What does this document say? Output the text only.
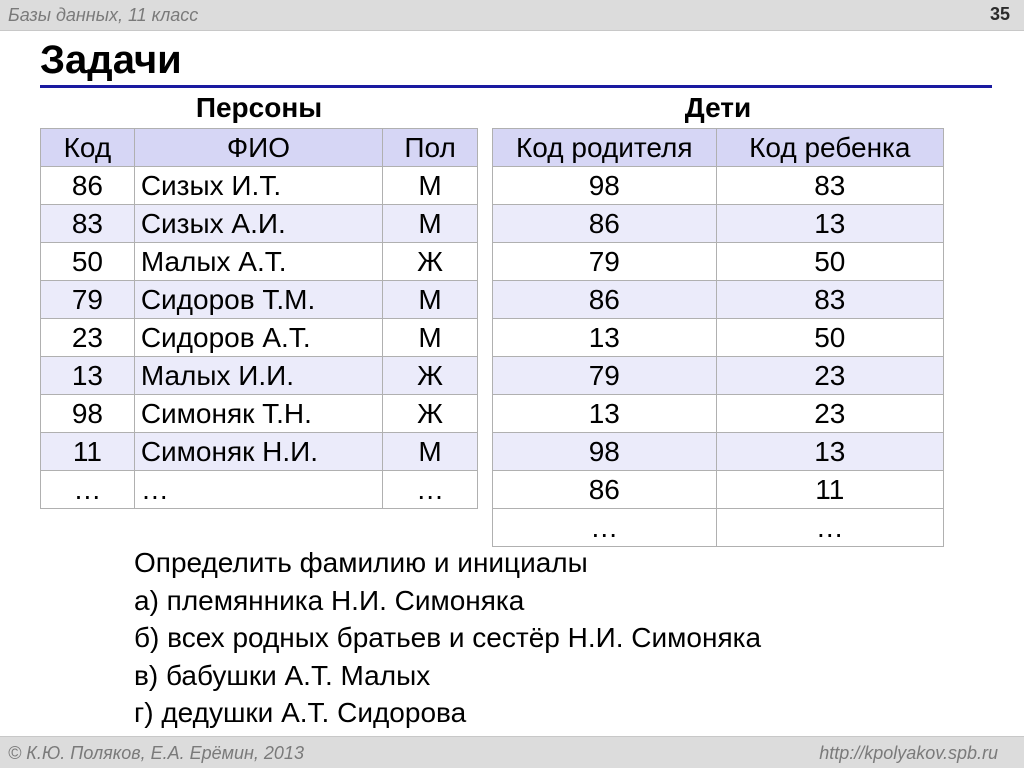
Базы данных, 11 класс	35
Задачи
Персоны	Дети
Код	ФИО	Пол
86	Сизых И.Т.	М
83	Сизых А.И.	М
50	Малых А.Т.	Ж
79	Сидоров Т.М.	М
23	Сидоров А.Т.	М
13	Малых И.И.	Ж
98	Симоняк Т.Н.	Ж
11	Симоняк Н.И.	М
…	…	…
Код родителя	Код ребенка
98	83
86	13
79	50
86	83
13	50
79	23
13	23
98	13
86	11
…	…
Определить фамилию и инициалы
а) племянника Н.И. Симоняка
б) всех родных братьев и сестёр Н.И. Симоняка
в) бабушки А.Т. Малых
г) дедушки А.Т. Сидорова
© К.Ю. Поляков, Е.А. Ерёмин, 2013	http://kpolyakov.spb.ru
